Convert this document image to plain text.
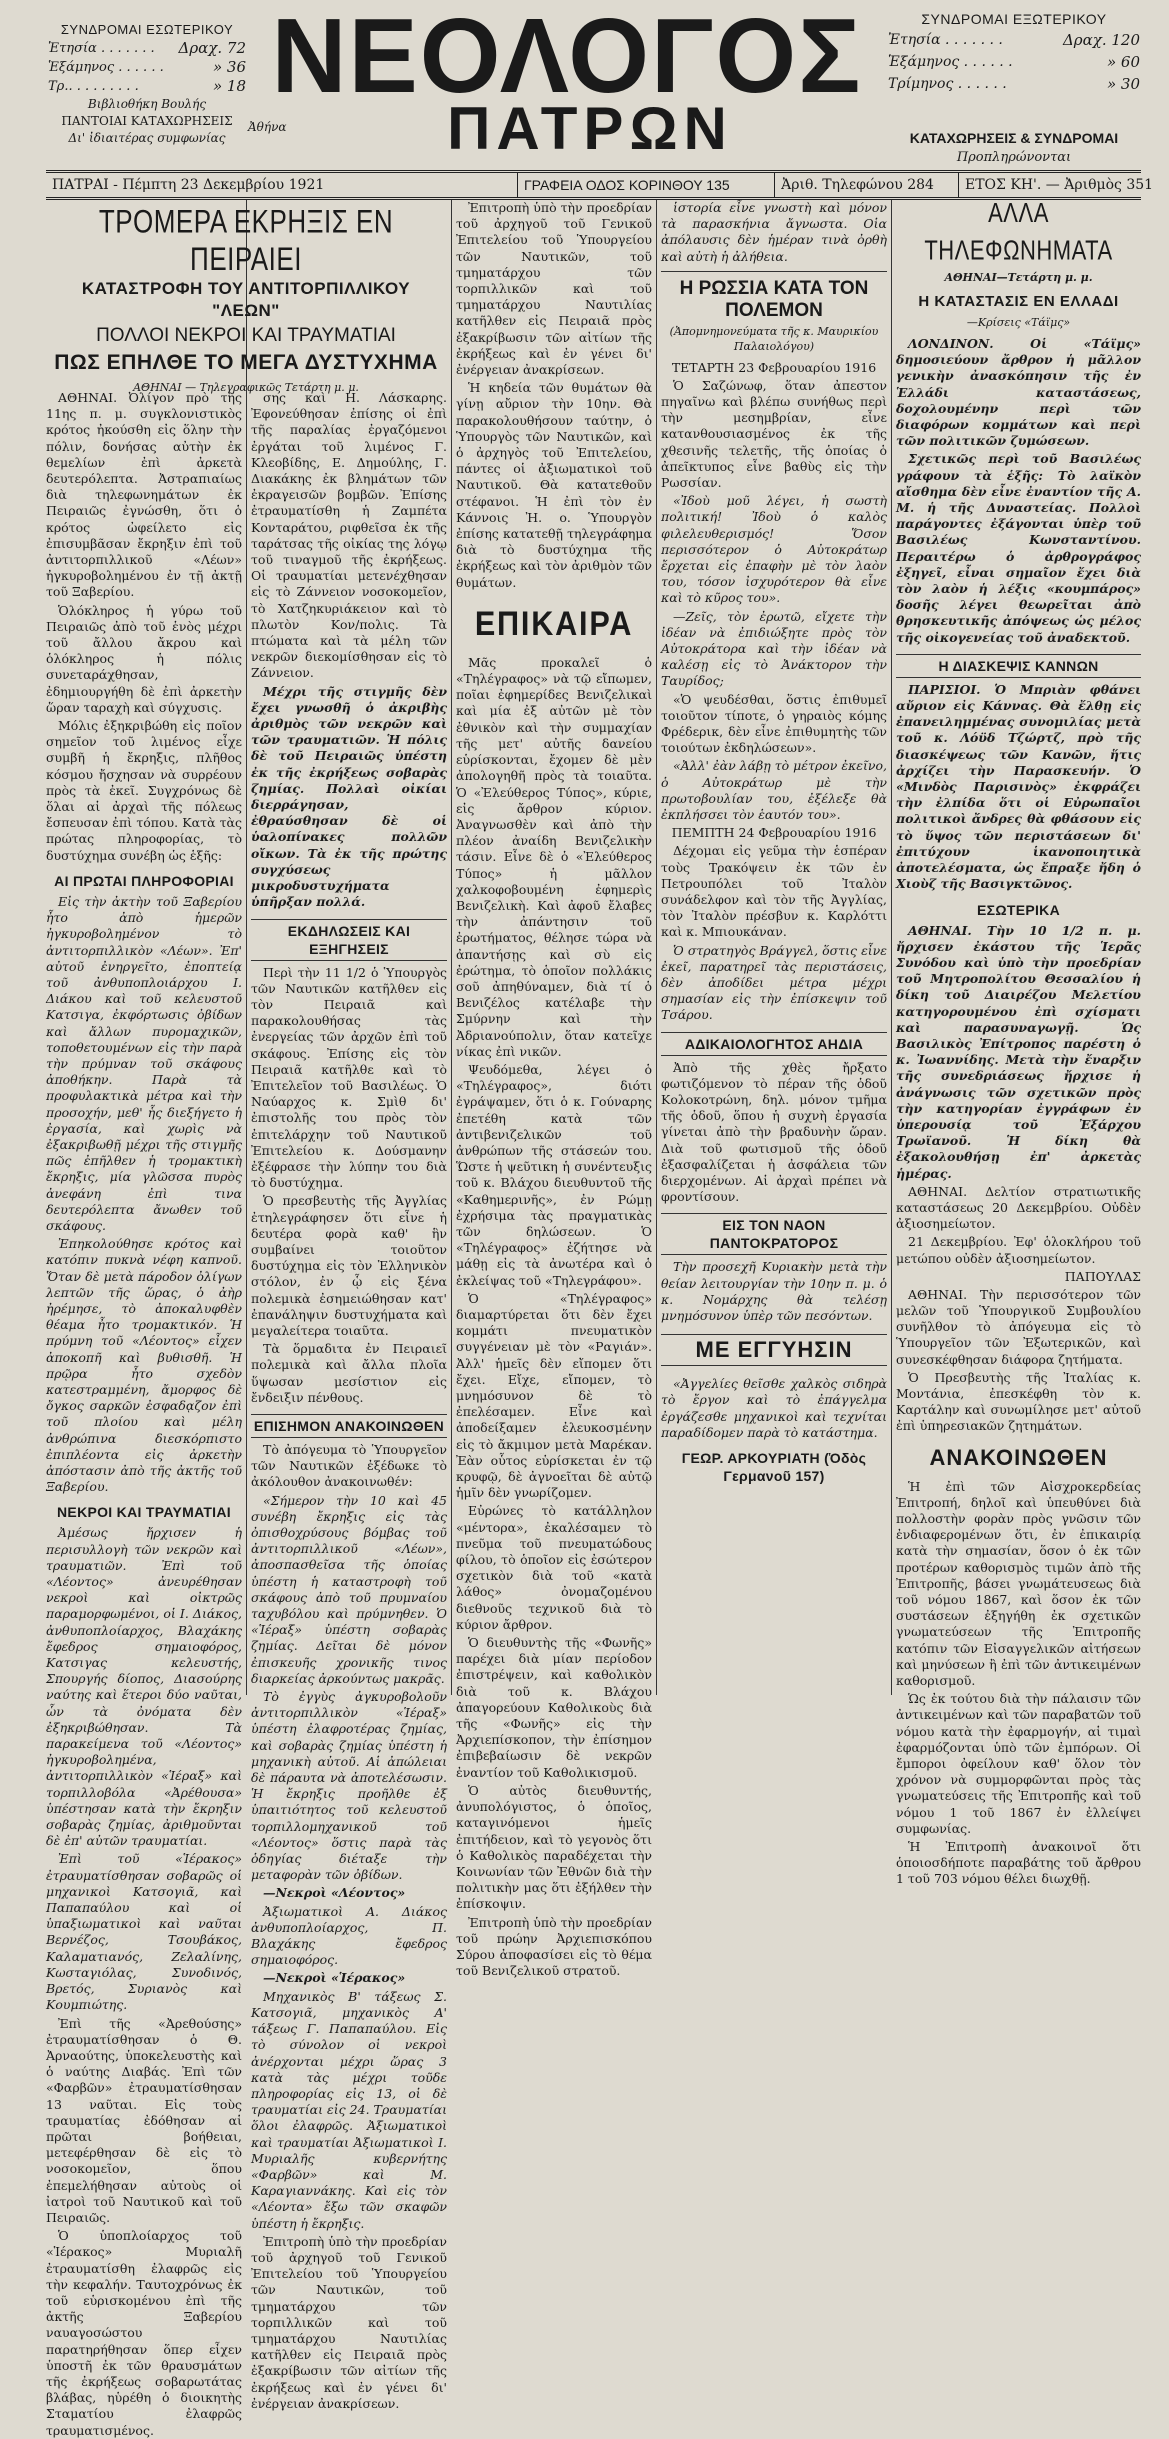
ΣΥΝΔΡΟΜΑΙ ΕΣΩΤΕΡΙΚΟΥ
Ἐτησία . . . . . . . Δραχ. 72
Ἑξάμηνος . . . . . .	» 36
Τρ.. . . . . . . . .	» 18
Βιβλιοθήκη Βουλής
ΠΑΝΤΟΙΑΙ ΚΑΤΑΧΩΡΗΣΕΙΣ
Δι' ἰδιαιτέρας συμφωνίας
ΝΕΟΛΟΓΟΣ
Ἀθήνα	ΠΑΤΡΩΝ
ΣΥΝΔΡΟΜΑΙ ΕΞΩΤΕΡΙΚΟΥ
Ἐτησία . . . . . . .	Δραχ. 120
Ἑξάμηνος . . . . . .	» 60
Τρίμηνος . . . . . .	» 30
ΚΑΤΑΧΩΡΗΣΕΙΣ & ΣΥΝΔΡΟΜΑΙ
Προπληρώνονται
ΠΑΤΡΑΙ - Πέμπτη 23 Δεκεμβρίου 1921	ΓΡΑΦΕΙΑ ΟΔΟΣ ΚΟΡΙΝΘΟΥ 135	Ἀριθ. Τηλεφώνου 284	ΕΤΟΣ ΚΗ'. — Ἀριθμὸς 351
ΤΡΟΜΕΡΑ ΕΚΡΗΞΙΣ ΕΝ ΠΕΙΡΑΙΕΙ
ΚΑΤΑΣΤΡΟΦΗ ΤΟΥ ΑΝΤΙΤΟΡΠΙΛΛΙΚΟΥ "ΛΕΩΝ"
ΠΟΛΛΟΙ ΝΕΚΡΟΙ ΚΑΙ ΤΡΑΥΜΑΤΙΑΙ
ΠΩΣ ΕΠΗΛΘΕ ΤΟ ΜΕΓΑ ΔΥΣΤΥΧΗΜΑ
ΑΘΗΝΑΙ — Τηλεγραφικῶς Τετάρτη μ. μ.

ΑΘΗΝΑΙ. Ὀλίγον πρὸ τῆς 11ης π. μ. συγκλονιστικὸς κρότος ἠκούσθη εἰς ὅλην τὴν πόλιν, δονήσας αὐτὴν ἐκ θεμελίων ἐπὶ ἀρκετὰ δευτερόλεπτα. Ἀστραπιαίως διὰ τηλεφωνημάτων ἐκ Πειραιῶς ἐγνώσθη, ὅτι ὁ κρότος ὠφείλετο εἰς ἐπισυμβᾶσαν ἔκρηξιν ἐπὶ τοῦ ἀντιτορπιλλικοῦ «Λέων» ἠγκυροβολημένου ἐν τῇ ἀκτῇ τοῦ Ξαβερίου.

Ὁλόκληρος ἡ γύρω τοῦ Πειραιῶς ἀπὸ τοῦ ἑνὸς μέχρι τοῦ ἄλλου ἄκρου καὶ ὁλόκληρος ἡ πόλις συνεταράχθησαν, ἐδημιουργήθη δὲ ἐπὶ ἀρκετὴν ὥραν ταραχὴ καὶ σύγχυσις.

Μόλις ἐξηκριβώθη εἰς ποῖον σημεῖον τοῦ λιμένος εἶχε συμβῆ ἡ ἔκρηξις, πλῆθος κόσμου ἤσχησαν νὰ συρρέουν πρὸς τὰ ἐκεῖ. Συγχρόνως δὲ ὅλαι αἱ ἀρχαὶ τῆς πόλεως ἔσπευσαν ἐπὶ τόπου. Κατὰ τὰς πρώτας πληροφορίας, τὸ δυστύχημα συνέβη ὡς ἑξῆς:

ΑΙ ΠΡΩΤΑΙ ΠΛΗΡΟΦΟΡΙΑΙ

Εἰς τὴν ἀκτὴν τοῦ Ξαβερίου ἦτο ἀπὸ ἡμερῶν ἠγκυροβολημένον τὸ ἀντιτορπιλλικὸν «Λέων». Ἐπ' αὐτοῦ ἐνηργεῖτο, ἐποπτείᾳ τοῦ ἀνθυποπλοιάρχου Ι. Διάκου καὶ τοῦ κελευστοῦ Κατσιγα, ἐκφόρτωσις ὀβίδων καὶ ἄλλων πυρομαχικῶν, τοποθετουμένων εἰς τὴν παρὰ τὴν πρύμναν τοῦ σκάφους ἀποθήκην. Παρὰ τὰ προφυλακτικὰ μέτρα καὶ τὴν προσοχήν, μεθ' ἧς διεξήγετο ἡ ἐργασία, καὶ χωρὶς νὰ ἐξακριβωθῇ μέχρι τῆς στιγμῆς πῶς ἐπῆλθεν ἡ τρομακτικὴ ἔκρηξις, μία γλῶσσα πυρὸς ἀνεφάνη ἐπὶ τινα δευτερόλεπτα ἄνωθεν τοῦ σκάφους.

Ἐπηκολούθησε κρότος καὶ κατόπιν πυκνὰ νέφη καπνοῦ. Ὅταν δὲ μετὰ πάροδον ὀλίγων λεπτῶν τῆς ὥρας, ὁ ἀὴρ ἠρέμησε, τὸ ἀποκαλυφθὲν θέαμα ἦτο τρομακτικόν. Ἡ πρύμνη τοῦ «Λέοντος» εἶχεν ἀποκοπῆ καὶ βυθισθῆ. Ἡ πρῷρα ἦτο σχεδὸν κατεστραμμένη, ἄμορφος δὲ ὄγκος σαρκῶν ἐσφαδᾳζον ἐπὶ τοῦ πλοίου καὶ μέλη ἀνθρώπινα διεσκόρπιστο ἐπιπλέοντα εἰς ἀρκετὴν ἀπόστασιν ἀπὸ τῆς ἀκτῆς τοῦ Ξαβερίου.

ΝΕΚΡΟΙ ΚΑΙ ΤΡΑΥΜΑΤΙΑΙ

Ἀμέσως ἤρχισεν ἡ περισυλλογὴ τῶν νεκρῶν καὶ τραυματιῶν. Ἐπὶ τοῦ «Λέοντος» ἀνευρέθησαν νεκροὶ καὶ οἰκτρῶς παραμορφωμένοι, οἱ Ι. Διάκος, ἀνθυποπλοίαρχος, Βλαχάκης ἔφεδρος σημαιοφόρος, Κατσιγας κελευστής, Σπουργής δίοπος, Διασούρης ναύτης καὶ ἕτεροι δύο ναῦται, ὧν τὰ ὀνόματα δὲν ἐξηκριβώθησαν. Τὰ παρακείμενα τοῦ «Λέοντος» ἠγκυροβολημένα, ἀντιτορπιλλικὸν «Ἱέραξ» καὶ τορπιλλοβόλα «Ἀρέθουσα» ὑπέστησαν κατὰ τὴν ἔκρηξιν σοβαρὰς ζημίας, ἀριθμοῦνται δὲ ἐπ' αὐτῶν τραυματίαι.

Ἐπὶ τοῦ «Ἱέρακος» ἐτραυματίσθησαν σοβαρῶς οἱ μηχανικοὶ Κατσογιᾶ, καὶ Παπαπαύλου καὶ οἱ ὑπαξιωματικοὶ καὶ ναῦται Βερνέζος, Τσουβάκος, Καλαματιανός, Ζελαλίνης, Κωσταγιόλας, Συνοδινός, Βρετός, Συριανὸς καὶ Κουμπιώτης.

Ἐπὶ τῆς «Ἀρεθούσης» ἐτραυματίσθησαν ὁ Θ. Ἀρναούτης, ὑποκελευστὴς καὶ ὁ ναύτης Διαβάς. Ἐπὶ τῶν «Φαρβῶν» ἐτραυματίσθησαν 13 ναῦται. Εἰς τοὺς τραυματίας ἐδόθησαν αἱ πρῶται βοήθειαι, μετεφέρθησαν δὲ εἰς τὸ νοσοκομεῖον, ὅπου ἐπεμελήθησαν αὐτοὺς οἱ ἰατροὶ τοῦ Ναυτικοῦ καὶ τοῦ Πειραιῶς.

Ὁ ὑποπλοίαρχος τοῦ «Ἱέρακος» Μυριαλῆ ἐτραυματίσθη ἐλαφρῶς εἰς τὴν κεφαλήν. Ταυτοχρόνως ἐκ τοῦ εὑρισκομένου ἐπὶ τῆς ἀκτῆς Ξαβερίου ναυαγοσώστου παρατηρήθησαν ὅπερ εἶχεν ὑποστῆ ἐκ τῶν θραυσμάτων τῆς ἐκρήξεως σοβαρωτάτας βλάβας, ηὑρέθη ὁ διοικητὴς Σταματίου ἐλαφρῶς τραυματισμένος.

σης καὶ Η. Λάσκαρης. Ἐφονεύθησαν ἐπίσης οἱ ἐπὶ τῆς παραλίας ἐργαζόμενοι ἐργάται τοῦ λιμένος Γ. Κλεοβίδης, Ε. Δημούλης, Γ. Διακάκης ἐκ βλημάτων τῶν ἐκραγεισῶν βομβῶν. Ἐπίσης ἐτραυματίσθη ἡ Ζαμπέτα Κονταράτου, ριφθεῖσα ἐκ τῆς ταράτσας τῆς οἰκίας της λόγῳ τοῦ τιναγμοῦ τῆς ἐκρήξεως. Οἱ τραυματίαι μετενέχθησαν εἰς τὸ Ζάννειον νοσοκομεῖον, τὸ Χατζηκυριάκειον καὶ τὸ πλωτὸν Κον/πολις. Τὰ πτώματα καὶ τὰ μέλη τῶν νεκρῶν διεκομίσθησαν εἰς τὸ Ζάννειον.

Μέχρι τῆς στιγμῆς δὲν ἔχει γνωσθῆ ὁ ἀκριβὴς ἀριθμὸς τῶν νεκρῶν καὶ τῶν τραυματιῶν. Ἡ πόλις δὲ τοῦ Πειραιῶς ὑπέστη ἐκ τῆς ἐκρήξεως σοβαρὰς ζημίας. Πολλαὶ οἰκίαι διερράγησαν, ἐθραύσθησαν δὲ οἱ ὑαλοπίνακες πολλῶν οἴκων. Τὰ ἐκ τῆς πρώτης συγχύσεως μικροδυστυχήματα ὑπῆρξαν πολλά.

ΕΚΔΗΛΩΣΕΙΣ ΚΑΙ ΕΞΗΓΗΣΕΙΣ

Περὶ τὴν 11 1/2 ὁ Ὑπουργὸς τῶν Ναυτικῶν κατῆλθεν εἰς τὸν Πειραιᾶ καὶ παρακολουθήσας τὰς ἐνεργείας τῶν ἀρχῶν ἐπὶ τοῦ σκάφους. Ἐπίσης εἰς τὸν Πειραιᾶ κατῆλθε καὶ τὸ Ἐπιτελεῖον τοῦ Βασιλέως. Ὁ Ναύαρχος κ. Σμὶθ δι' ἐπιστολῆς του πρὸς τὸν ἐπιτελάρχην τοῦ Ναυτικοῦ Ἐπιτελείου κ. Δούσμανην ἐξέφρασε τὴν λύπην του διὰ τὸ δυστύχημα.

Ὁ πρεσβευτὴς τῆς Ἀγγλίας ἐτηλεγράφησεν ὅτι εἶνε ἡ δευτέρα φορὰ καθ' ἣν συμβαίνει τοιοῦτον δυστύχημα εἰς τὸν Ἑλληνικὸν στόλον, ἐν ᾧ εἰς ξένα πολεμικὰ ἐσημειώθησαν κατ' ἐπανάληψιν δυστυχήματα καὶ μεγαλείτερα τοιαῦτα.

Τὰ ὅρμαδιτα ἐν Πειραιεῖ πολεμικὰ καὶ ἄλλα πλοῖα ὕψωσαν μεσίστιον εἰς ἔνδειξιν πένθους.

ΕΠΙΣΗΜΟΝ ΑΝΑΚΟΙΝΩΘΕΝ

Τὸ ἀπόγευμα τὸ Ὑπουργεῖον τῶν Ναυτικῶν ἐξέδωκε τὸ ἀκόλουθον ἀνακοινωθέν:

«Σήμερον τὴν 10 καὶ 45 συνέβη ἔκρηξις εἰς τὰς ὀπισθοχρύσους βόμβας τοῦ ἀντιτορπιλλικοῦ «Λέων», ἀποσπασθεῖσα τῆς ὁποίας ὑπέστη ἡ καταστροφὴ τοῦ σκάφους ἀπὸ τοῦ πρυμναίου ταχυβόλου καὶ πρύμνηθεν. Ὁ «Ἱέραξ» ὑπέστη σοβαρὰς ζημίας. Δεῖται δὲ μόνον ἐπισκευῆς χρονικῆς τινος διαρκείας ἀρκούντως μακρᾶς.

Τὸ ἐγγὺς ἀγκυροβολοῦν ἀντιτορπιλλικὸν «Ἱέραξ» ὑπέστη ἐλαφροτέρας ζημίας, καὶ σοβαρὰς ζημίας ὑπέστη ἡ μηχανικὴ αὐτοῦ. Αἱ ἀπώλειαι δὲ πάραυτα νὰ ἀποτελέσωσιν. Ἡ ἔκρηξις προῆλθε ἐξ ὑπαιτιότητος τοῦ κελευστοῦ τορπιλλομηχανικοῦ τοῦ «Λέοντος» ὅστις παρὰ τὰς ὁδηγίας διέταξε τὴν μεταφορὰν τῶν ὀβίδων.

—Νεκροὶ «Λέοντος»

Ἀξιωματικοὶ Α. Διάκος ἀνθυποπλοίαρχος, Π. Βλαχάκης ἔφεδρος σημαιοφόρος.

—Νεκροὶ «Ἱέρακος»

Μηχανικὸς Β' τάξεως Σ. Κατσογιᾶ, μηχανικὸς Α' τάξεως Γ. Παπαπαύλου. Εἰς τὸ σύνολον οἱ νεκροὶ ἀνέρχονται μέχρι ὥρας 3 κατὰ τὰς μέχρι τοῦδε πληροφορίας εἰς 13, οἱ δὲ τραυματίαι εἰς 24. Τραυματίαι ὅλοι ἐλαφρῶς. Ἀξιωματικοὶ καὶ τραυματίαι Ἀξιωματικοὶ Ι. Μυριαλῆς κυβερνήτης «Φαρβῶν» καὶ Μ. Καραγιαννάκης. Καὶ εἰς τὸν «Λέοντα» ἔξω τῶν σκαφῶν ὑπέστη ἡ ἔκρηξις.

Ἐπιτροπὴ ὑπὸ τὴν προεδρίαν τοῦ ἀρχηγοῦ τοῦ Γενικοῦ Ἐπιτελείου τοῦ Ὑπουργείου τῶν Ναυτικῶν, τοῦ τμηματάρχου τῶν τορπιλλικῶν καὶ τοῦ τμηματάρχου Ναυτιλίας κατῆλθεν εἰς Πειραιᾶ πρὸς ἐξακρίβωσιν τῶν αἰτίων τῆς ἐκρήξεως καὶ ἐν γένει δι' ἐνέργειαν ἀνακρίσεων.

Ἐπιτροπὴ ὑπὸ τὴν προεδρίαν τοῦ ἀρχηγοῦ τοῦ Γενικοῦ Ἐπιτελείου τοῦ Ὑπουργείου τῶν Ναυτικῶν, τοῦ τμηματάρχου τῶν τορπιλλικῶν καὶ τοῦ τμηματάρχου Ναυτιλίας κατῆλθεν εἰς Πειραιᾶ πρὸς ἐξακρίβωσιν τῶν αἰτίων τῆς ἐκρήξεως καὶ ἐν γένει δι' ἐνέργειαν ἀνακρίσεων.

Ἡ κηδεία τῶν θυμάτων θὰ γίνῃ αὔριον τὴν 10ην. Θὰ παρακολουθήσουν ταύτην, ὁ Ὑπουργὸς τῶν Ναυτικῶν, καὶ ὁ ἀρχηγὸς τοῦ Ἐπιτελείου, πάντες οἱ ἀξιωματικοὶ τοῦ Ναυτικοῦ. Θὰ κατατεθοῦν στέφανοι. Ἡ ἐπὶ τὸν ἐν Κάννοις Ἠ. ο. Ὑπουργὸν ἐπίσης κατατεθῇ τηλεγράφημα διὰ τὸ δυστύχημα τῆς ἐκρήξεως καὶ τὸν ἀριθμὸν τῶν θυμάτων.

ΕΠΙΚΑΙΡΑ

Μᾶς προκαλεῖ ὁ «Τηλέγραφος» νὰ τῷ εἴπωμεν, ποῖαι ἐφημερίδες Βενιζελικαὶ καὶ μία ἐξ αὐτῶν μὲ τὸν ἐθνικὸν καὶ τὴν συμμαχίαν τῆς μετ' αὐτῆς δανείου εὑρίσκονται, ἔχομεν δὲ μὲν ἀπολογηθῆ πρὸς τὰ τοιαῦτα. Ὁ «Ἐλεύθερος Τύπος», κύριε, εἰς ἄρθρον κύριον. Ἀναγνωσθὲν καὶ ἀπὸ τὴν πλέον ἀναίδη Βενιζελικὴν τάσιν. Εἶνε δὲ ὁ «Ἐλεύθερος Τύπος» ἡ μᾶλλον χαλκοφοβουμένη ἐφημερὶς Βενιζελικὴ. Καὶ ἀφοῦ ἔλαβες τὴν ἀπάντησιν τοῦ ἐρωτήματος, θέλησε τώρα νὰ ἀπαντήσῃς καὶ σὺ εἰς ἐρώτημα, τὸ ὁποῖον πολλάκις σοῦ ἀπηθύναμεν, διὰ τί ὁ Βενιζέλος κατέλαβε τὴν Σμύρνην καὶ τὴν Ἀδριανούπολιν, ὅταν κατεῖχε νίκας ἐπὶ νικῶν.

Ψευδόμεθα, λέγει ὁ «Τηλέγραφος», διότι ἐγράψαμεν, ὅτι ὁ κ. Γούναρης ἐπετέθη κατὰ τῶν ἀντιβενιζελικῶν τοῦ ἀνθρώπων τῆς στάσεών του. Ὥστε ἡ ψεῦτικη ἡ συνέντευξις τοῦ κ. Βλάχου διευθυντοῦ τῆς «Καθημερινῆς», ἐν Ρώμῃ ἐχρήσιμα τὰς πραγματικὰς τῶν δηλώσεων. Ὁ «Τηλέγραφος» ἐζήτησε νὰ μάθῃ εἰς τὰ ἀνωτέρα καὶ ὁ ἐκλείψας τοῦ «Τηλεγράφου».

Ὁ «Τηλέγραφος» διαμαρτύρεται ὅτι δὲν ἔχει κομμάτι πνευματικὸν συγγένειαν μὲ τὸν «Ραγιάν». Ἀλλ' ἡμεῖς δὲν εἴπομεν ὅτι ἔχει. Εἴχε, εἴπομεν, τὸ μνημόσυνον δὲ τὸ ἐπελέσαμεν. Εἶνε καὶ ἀποδείξαμεν ἐλευκοσμένην εἰς τὸ ἄκμιμον μετὰ Μαρέκαν. Ἐὰν οὗτος εὑρίσκεται ἐν τῷ κρυφῷ, δὲ ἀγνοεῖται δὲ αὐτῷ ἡμῖν δὲν γνωρίζομεν.

Εὐρώνες τὸ κατάλληλον «μέντορα», ἐκαλέσαμεν τὸ πνεῦμα τοῦ πνευματώδους φίλου, τὸ ὁποῖον εἰς ἐσώτερον σχετικὸν διὰ τοῦ «κατὰ λάθος» ὀνομαζομένου διεθνοῦς τεχνικοῦ διὰ τὸ κύριον ἄρθρον.

Ὁ διευθυντὴς τῆς «Φωνῆς» παρέχει διὰ μίαν περίοδον ἐπιστρέψειν, καὶ καθολικὸν διὰ τοῦ κ. Βλάχου ἀπαγορεύουν Καθολικοὺς διὰ τῆς «Φωνῆς» εἰς τὴν Ἀρχιεπίσκοπον, τὴν ἐπίσημον ἐπιβεβαίωσιν δὲ νεκρῶν ἐναντίον τοῦ Καθολικισμοῦ.

Ὁ αὐτὸς διευθυντής, ἀνυπολόγιστος, ὁ ὁποῖος, καταγινόμενοι ἡμεῖς ἐπιτήδειον, καὶ τὸ γεγονὸς ὅτι ὁ Καθολικὸς παραδέχεται τὴν Κοινωνίαν τῶν Ἐθνῶν διὰ τὴν πολιτικὴν μας ὅτι ἐξήλθεν τὴν ἐπίσκοψιν.

Ἐπιτροπὴ ὑπὸ τὴν προεδρίαν τοῦ πρώην Ἀρχιεπισκόπου Σύρου ἀποφασίσει εἰς τὸ θέμα τοῦ Βενιζελικοῦ στρατοῦ.

ἱστορία εἶνε γνωστὴ καὶ μόνον τὰ παρασκήνια ἄγνωστα. Οἱα ἀπόλαυσις δὲν ἡμέραν τινὰ ὀρθὴ καὶ αὐτὴ ἡ ἀλήθεια.

Η ΡΩΣΣΙΑ ΚΑΤΑ ΤΟΝ ΠΟΛΕΜΟΝ
(Ἀπομνημονεύματα τῆς κ. Μαυρικίου Παλαιολόγου)
ΤΕΤΑΡΤΗ 23 Φεβρουαρίου 1916

Ὁ Σαζώνωφ, ὅταν ἀπεστον πηγαῖνω καὶ βλέπω συνήθως περὶ τὴν μεσημβρίαν, εἶνε κατανθουσιασμένος ἐκ τῆς χθεσινῆς τελετῆς, τῆς ὁποίας ὁ ἀπεῖκτυπος εἶνε βαθὺς εἰς τὴν Ρωσσίαν.

«Ἰδοὺ μοῦ λέγει, ἡ σωστὴ πολιτική! Ἰδοὺ ὁ καλὸς φιλελευθερισμός! Ὅσον περισσότερον ὁ Αὐτοκράτωρ ἔρχεται εἰς ἐπαφὴν μὲ τὸν λαὸν του, τόσον ἰσχυρότερον θὰ εἶνε καὶ τὸ κῦρος του».

—Ζεῖς, τὸν ἐρωτῶ, εἴχετε τὴν ἰδέαν νὰ ἐπιδιώξητε πρὸς τὸν Αὐτοκράτορα καὶ τὴν ἰδέαν νὰ καλέσῃ εἰς τὸ Ἀνάκτορον τὴν Ταυρίδος;

«Ὁ ψευδέσθαι, ὅστις ἐπιθυμεῖ τοιοῦτον τίποτε, ὁ γηραιὸς κόμης Φρέδερικ, δὲν εἶνε ἐπιθυμητὴς τῶν τοιούτων ἐκδηλώσεων».

«Ἀλλ' ἐὰν λάβῃ τὸ μέτρον ἐκεῖνο, ὁ Αὐτοκράτωρ μὲ τὴν πρωτοβουλίαν του, ἐξέλεξε θὰ ἐκπλήσσει τὸν ἑαυτόν του».

ΠΕΜΠΤΗ 24 Φεβρουαρίου 1916

Δέχομαι εἰς γεῦμα τὴν ἑσπέραν τοὺς Τρακόψειν ἐκ τῶν ἐν Πετρουπόλει τοῦ Ἰταλὸν συνάδελφον καὶ τὸν τῆς Ἀγγλίας, τὸν Ἰταλὸν πρέσβυν κ. Καρλόττι καὶ κ. Μπιουκάναν.

Ὁ στρατηγὸς Βράγγελ, ὅστις εἶνε ἐκεῖ, παρατηρεῖ τὰς περιστάσεις, δὲν ἀποδίδει μέτρα μέχρι σημασίαν εἰς τὴν ἐπίσκεψιν τοῦ Τσάρου.

ΑΔΙΚΑΙΟΛΟΓΗΤΟΣ ΑΗΔΙΑ

Ἀπὸ τῆς χθὲς ἤρξατο φωτιζόμενον τὸ πέραν τῆς ὁδοῦ Κολοκοτρώνη, δηλ. μόνον τμῆμα τῆς ὁδοῦ, ὅπου ἡ συχνὴ ἐργασία γίνεται ἀπὸ τὴν βραδυνὴν ὥραν. Διὰ τοῦ φωτισμοῦ τῆς ὁδοῦ ἐξασφαλίζεται ἡ ἀσφάλεια τῶν διερχομένων. Αἱ ἀρχαὶ πρέπει νὰ φροντίσουν.

ΕΙΣ ΤΟΝ ΝΑΟΝ ΠΑΝΤΟΚΡΑΤΟΡΟΣ

Τὴν προσεχῆ Κυριακὴν μετὰ τὴν θείαν λειτουργίαν τὴν 10ην π. μ. ὁ κ. Νομάρχης θὰ τελέσῃ μνημόσυνον ὑπὲρ τῶν πεσόντων.

ΜΕ ΕΓΓΥΗΣΙΝ

«Ἀγγελίες θεῖσθε χαλκὸς σιδηρὰ τὸ ἔργον καὶ τὸ ἐπάγγελμα ἐργάζεσθε μηχανικοὶ καὶ τεχνίται παραδίδομεν παρὰ τὸ κατάστημα.

ΓΕΩΡ. ΑΡΚΟΥΡΙΑΤΗ (Ὁδὸς Γερμανοῦ 157)
ΑΛΛΑ ΤΗΛΕΦΩΝΗΜΑΤΑ
ΑΘΗΝΑΙ—Τετάρτη μ. μ.
Η ΚΑΤΑΣΤΑΣΙΣ ΕΝ ΕΛΛΑΔΙ
—Κρίσεις «Τάϊμς»

ΛΟΝΔΙΝΟΝ. Οἱ «Τάϊμς» δημοσιεύουν ἄρθρον ἡ μᾶλλον γενικὴν ἀνασκόπησιν τῆς ἐν Ἑλλάδι καταστάσεως, δοχολουμένην περὶ τῶν διαφόρων κομμάτων καὶ περὶ τῶν πολιτικῶν ζυμώσεων.

Σχετικῶς περὶ τοῦ Βασιλέως γράφουν τὰ ἑξῆς: Τὸ λαϊκὸν αἴσθημα δὲν εἶνε ἐναντίον τῆς Α. Μ. ἡ τῆς Δυναστείας. Πολλοὶ παράγοντες ἐξάγονται ὑπὲρ τοῦ Βασιλέως Κωνσταντίνου. Περαιτέρω ὁ ἀρθρογράφος ἐξηγεῖ, εἶναι σημαῖον ἔχει διὰ τὸν λαὸν ἡ λέξις «κουμπάρος» δοσῆς λέγει θεωρεῖται ἀπὸ θρησκευτικῆς ἀπόψεως ὡς μέλος τῆς οἰκογενείας τοῦ ἀναδεκτοῦ.

Η ΔΙΑΣΚΕΨΙΣ ΚΑΝΝΩΝ

ΠΑΡΙΣΙΟΙ. Ὁ Μπριὰν φθάνει αὔριον εἰς Κάννας. Θὰ ἔλθῃ εἰς ἐπανειλημμένας συνομιλίας μετὰ τοῦ κ. Λόϋδ Τζώρτζ, πρὸ τῆς διασκέψεως τῶν Κανῶν, ἥτις ἀρχίζει τὴν Παρασκευήν. Ὁ «Μινδὸς Παρισινὸς» ἐκφράζει τὴν ἐλπίδα ὅτι οἱ Εὐρωπαῖοι πολιτικοὶ ἄνδρες θὰ φθάσουν εἰς τὸ ὕψος τῶν περιστάσεων δι' ἐπιτύχουν ἱκανοποιητικὰ ἀποτελέσματα, ὡς ἔπραξε ἤδη ὁ Χιοὺζ τῆς Βασιγκτῶνος.

ΕΣΩΤΕΡΙΚΑ

ΑΘΗΝΑΙ. Τὴν 10 1/2 π. μ. ἤρχισεν ἐκάστου τῆς Ἱερᾶς Συνόδου καὶ ὑπὸ τὴν προεδρίαν τοῦ Μητροπολίτου Θεσσαλίου ἡ δίκη τοῦ Διαιρέζου Μελετίου κατηγορουμένου ἐπὶ σχίσματι καὶ παρασυναγωγῇ. Ὡς Βασιλικὸς Ἐπίτροπος παρέστη ὁ κ. Ἰωαννίδης. Μετὰ τὴν ἔναρξιν τῆς συνεδριάσεως ἤρχισε ἡ ἀνάγνωσις τῶν σχετικῶν πρὸς τὴν κατηγορίαν ἐγγράφων ἐν ὑπερουσίᾳ τοῦ Ἐξάρχου Τρωϊανοῦ. Ἡ δίκη θὰ ἐξακολουθήσῃ ἐπ' ἀρκετὰς ἡμέρας.

ΑΘΗΝΑΙ. Δελτίον στρατιωτικῆς καταστάσεως 20 Δεκεμβρίου. Οὐδὲν ἀξιοσημείωτον.

21 Δεκεμβρίου. Ἐφ' ὁλοκλήρου τοῦ μετώπου οὐδὲν ἀξιοσημείωτον.

ΠΑΠΟΥΛΑΣ

ΑΘΗΝΑΙ. Τὴν περισσότερον τῶν μελῶν τοῦ Ὑπουργικοῦ Συμβουλίου συνῆλθον τὸ ἀπόγευμα εἰς τὸ Ὑπουργεῖον τῶν Ἐξωτερικῶν, καὶ συνεσκέφθησαν διάφορα ζητήματα.

Ὁ Πρεσβευτὴς τῆς Ἰταλίας κ. Μοντάνια, ἐπεσκέφθη τὸν κ. Καρτάλην καὶ συνωμίλησε μετ' αὐτοῦ ἐπὶ ὑπηρεσιακῶν ζητημάτων.

ΑΝΑΚΟΙΝΩΘΕΝ

Ἡ ἐπὶ τῶν Αἰσχροκερδείας Ἐπιτροπή, δηλοῖ καὶ ὑπευθύνει διὰ πολλοστὴν φορὰν πρὸς γνῶσιν τῶν ἐνδιαφερομένων ὅτι, ἐν ἐπικαιρίᾳ κατὰ τὴν σημασίαν, ὅσον ὁ ἐκ τῶν προτέρων καθορισμὸς τιμῶν ἀπὸ τῆς Ἐπιτροπῆς, βάσει γνωμάτευσεως διὰ τοῦ νόμου 1867, καὶ ὅσον ἐκ τῶν συστάσεων ἐξηγήθη ἐκ σχετικῶν γνωματεύσεων τῆς Ἐπιτροπῆς κατόπιν τῶν Εἰσαγγελικῶν αἰτήσεων καὶ μηνύσεων ἢ ἐπὶ τῶν ἀντικειμένων καθορισμοῦ.

Ὡς ἐκ τούτου διὰ τὴν πάλαισιν τῶν ἀντικειμένων καὶ τῶν παραβατῶν τοῦ νόμου κατὰ τὴν ἐφαρμογήν, αἱ τιμαὶ ἐφαρμόζονται ὑπὸ τῶν ἐμπόρων. Οἱ ἔμποροι ὀφείλουν καθ' ὅλον τὸν χρόνον νὰ συμμορφῶνται πρὸς τὰς γνωματεύσεις τῆς Ἐπιτροπῆς καὶ τοῦ νόμου 1 τοῦ 1867 ἐν ἐλλείψει συμφωνίας.

Ἡ Ἐπιτροπὴ ἀνακοινοῖ ὅτι ὁποιοσδήποτε παραβάτης τοῦ ἄρθρου 1 τοῦ 703 νόμου θέλει διωχθῇ.
